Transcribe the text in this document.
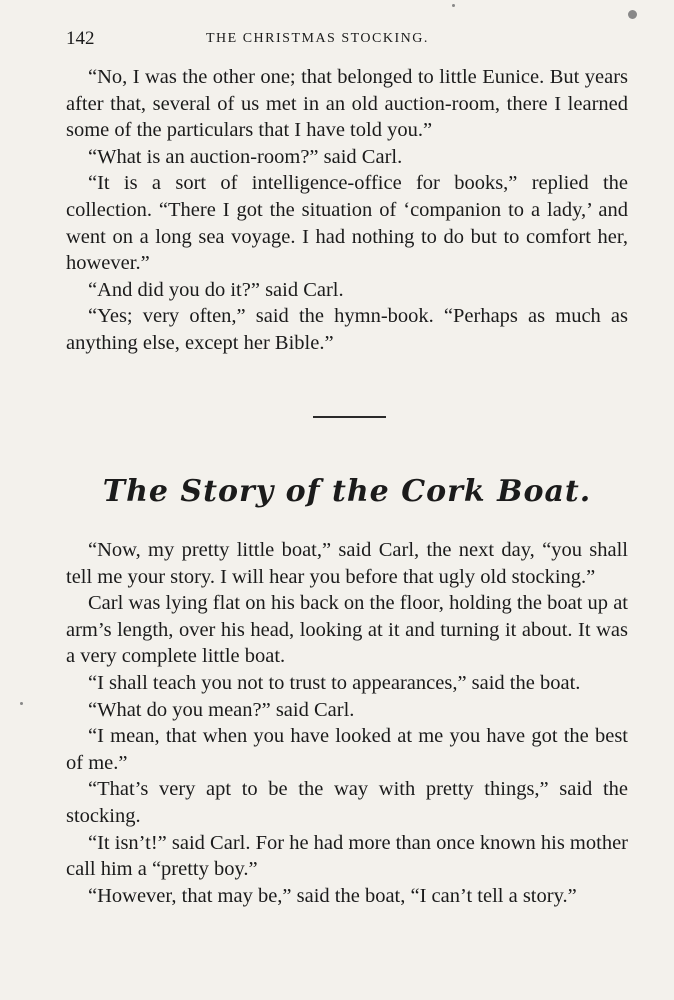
142	THE CHRISTMAS STOCKING.

“No, I was the other one; that belonged to little Eunice. But years after that, several of us met in an old auction-room, there I learned some of the particulars that I have told you.”

“What is an auction-room?” said Carl.

“It is a sort of intelligence-office for books,” replied the collection. “There I got the situation of ‘companion to a lady,’ and went on a long sea voyage. I had nothing to do but to comfort her, however.”

“And did you do it?” said Carl.

“Yes; very often,” said the hymn-book. “Perhaps as much as anything else, except her Bible.”

The Story of the Cork Boat.

“Now, my pretty little boat,” said Carl, the next day, “you shall tell me your story. I will hear you before that ugly old stocking.”

Carl was lying flat on his back on the floor, holding the boat up at arm’s length, over his head, looking at it and turning it about. It was a very complete little boat.

“I shall teach you not to trust to appearances,” said the boat.

“What do you mean?” said Carl.

“I mean, that when you have looked at me you have got the best of me.”

“That’s very apt to be the way with pretty things,” said the stocking.

“It isn’t!” said Carl. For he had more than once known his mother call him a “pretty boy.”

“However, that may be,” said the boat, “I can’t tell a story.”
